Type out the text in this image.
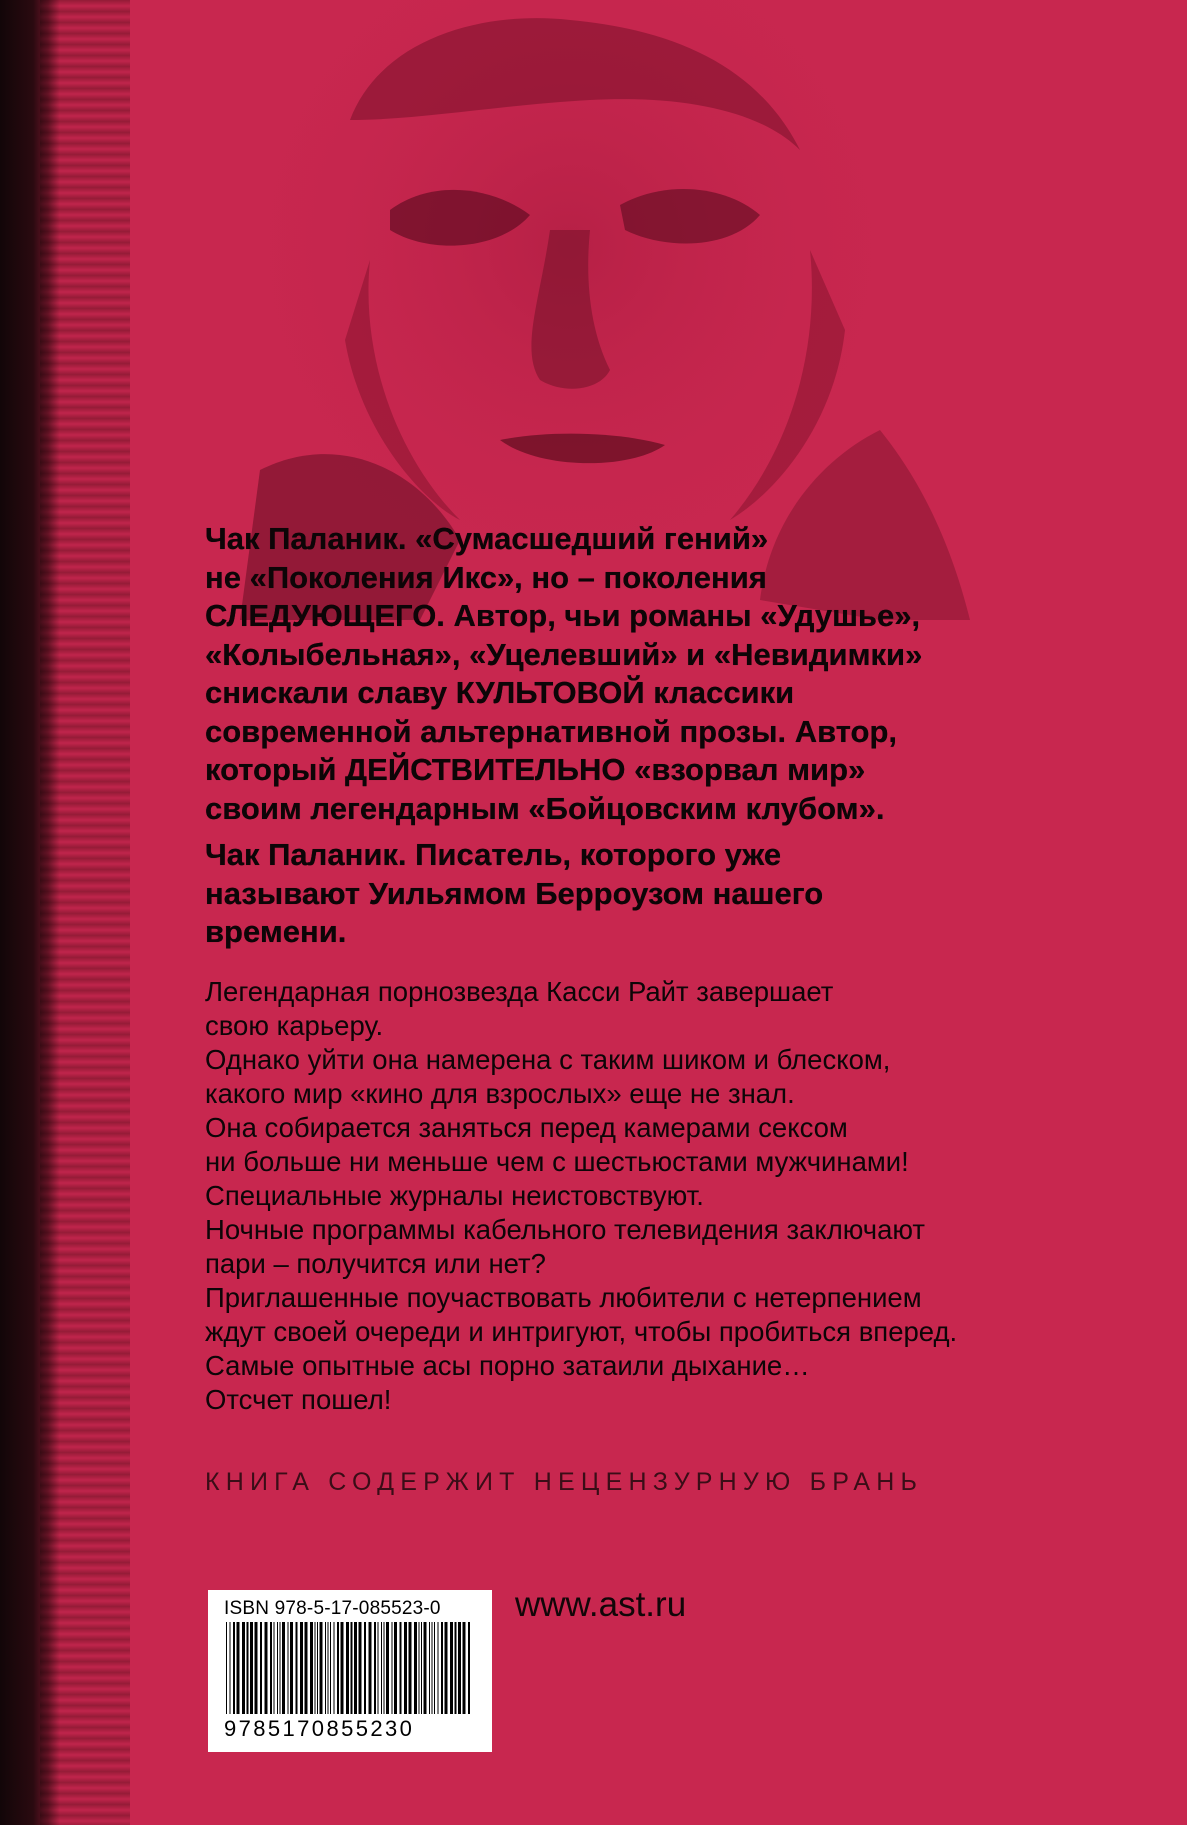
Чак Паланик. «Сумасшедший гений»
не «Поколения Икс», но – поколения
СЛЕДУЮЩЕГО. Автор, чьи романы «Удушье»,
«Колыбельная», «Уцелевший» и «Невидимки»
снискали славу КУЛЬТОВОЙ классики
современной альтернативной прозы. Автор,
который ДЕЙСТВИТЕЛЬНО «взорвал мир»
своим легендарным «Бойцовским клубом».
Чак Паланик. Писатель, которого уже
называют Уильямом Берроузом нашего
времени.
Легендарная порнозвезда Касси Райт завершает
свою карьеру.
Однако уйти она намерена с таким шиком и блеском,
какого мир «кино для взрослых» еще не знал.
Она собирается заняться перед камерами сексом
ни больше ни меньше чем с шестьюстами мужчинами!
Специальные журналы неистовствуют.
Ночные программы кабельного телевидения заключают
пари – получится или нет?
Приглашенные поучаствовать любители с нетерпением
ждут своей очереди и интригуют, чтобы пробиться вперед.
Самые опытные асы порно затаили дыхание…
Отсчет пошел!
КНИГА СОДЕРЖИТ НЕЦЕНЗУРНУЮ БРАНЬ
ISBN 978-5-17-085523-0
9785170855230
www.ast.ru
